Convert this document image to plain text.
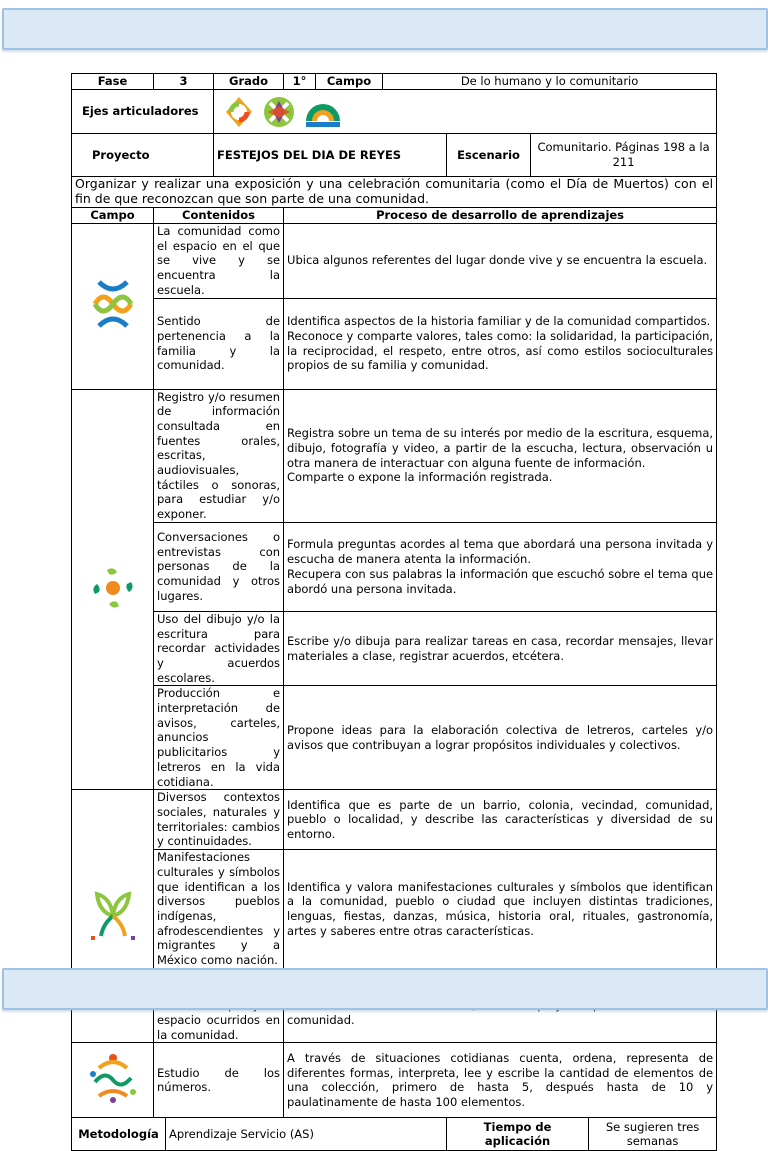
Fase	3		Grado	1°	Campo	De lo humano y lo comunitario			
Ejes articuladores	

Proyecto			FESTEJOS DEL DIA DE REYES				Escenario	Comunitario. Páginas 198 a la 211	
Organizar y realizar una exposición y una celebración comunitaria (como el Día de Muertos) con el fin de que reconozcan que son parte de una comunidad.									
Campo	Contenidos			Proceso de desarrollo de aprendizajes					
	La comunidad como el espacio en el que se vive y se encuentra la escuela.			Ubica algunos referentes del lugar donde vive y se encuentra la escuela.					
	Sentido de pertenencia a la familia y la comunidad.			Identifica aspectos de la historia familiar y de la comunidad compartidos.
Reconoce y comparte valores, tales como: la solidaridad, la participación, la reciprocidad, el respeto, entre otros, así como estilos socioculturales propios de su familia y comunidad.					
	Registro y/o resumen de información consultada en fuentes orales, escritas, audiovisuales, táctiles o sonoras, para estudiar y/o exponer.			Registra sobre un tema de su interés por medio de la escritura, esquema, dibujo, fotografía y video, a partir de la escucha, lectura, observación u otra manera de interactuar con alguna fuente de información.
Comparte o expone la información registrada.					
	Conversaciones o entrevistas con personas de la comunidad y otros lugares.			Formula preguntas acordes al tema que abordará una persona invitada y escucha de manera atenta la información.
Recupera con sus palabras la información que escuchó sobre el tema que abordó una persona invitada.					
	Uso del dibujo y/o la escritura para recordar actividades y acuerdos escolares.			Escribe y/o dibuja para realizar tareas en casa, recordar mensajes, llevar materiales a clase, registrar acuerdos, etcétera.					
	Producción e interpretación de avisos, carteles, anuncios publicitarios y letreros en la vida cotidiana.			Propone ideas para la elaboración colectiva de letreros, carteles y/o avisos que contribuyan a lograr propósitos individuales y colectivos.					
	Diversos contextos sociales, naturales y territoriales: cambios y continuidades.			Identifica que es parte de un barrio, colonia, vecindad, comunidad, pueblo o localidad, y describe las características y diversidad de su entorno.					
	Manifestaciones culturales y símbolos que identifican a los diversos pueblos indígenas, afrodescendientes y migrantes y a México como nación.			Identifica y valora manifestaciones culturales y símbolos que identifican a la comunidad, pueblo o ciudad que incluyen distintas tradiciones, lenguas, fiestas, danzas, música, historia oral, rituales, gastronomía, artes y saberes entre otras características.					
	espacio ocurridos en la comunidad.			comunidad.					
	Estudio de los números.			A través de situaciones cotidianas cuenta, ordena, representa de diferentes formas, interpreta, lee y escribe la cantidad de elementos de una colección, primero de hasta 5, después hasta de 10 y paulatinamente de hasta 100 elementos.					
Metodología		Aprendizaje Servicio (AS)					Tiempo de aplicación		Se sugieren tres semanas
